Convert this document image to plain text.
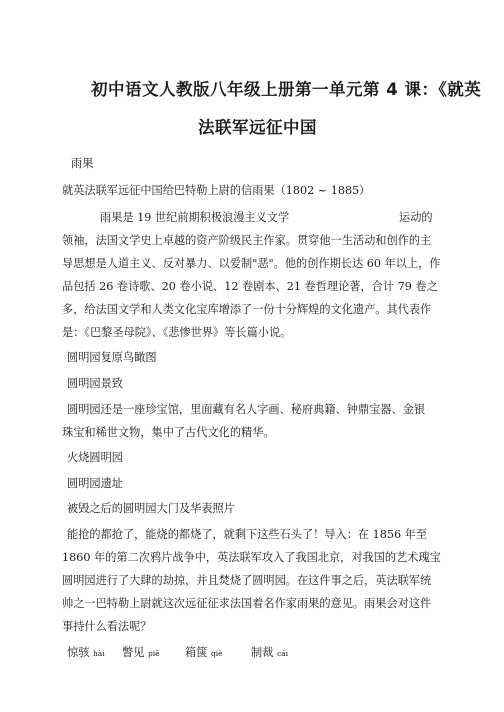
初中语文人教版八年级上册第一单元第 4 课：《就英
法联军远征中国
雨果
就英法联军远征中国给巴特勒上尉的信雨果（1802 ~ 1885）
雨果是 19 世纪前期积极浪漫主义文学	运动的
领袖，法国文学史上卓越的资产阶级民主作家。贯穿他一生活动和创作的主
导思想是人道主义、反对暴力、以爱制"恶"。他的创作期长达 60 年以上，作
品包括 26 卷诗歌、20 卷小说、12 卷剧本、21 卷哲理论著，合计 79 卷之
多，给法国文学和人类文化宝库增添了一份十分辉煌的文化遗产。其代表作
是：《巴黎圣母院》、《悲惨世界》等长篇小说。
圆明园复原鸟瞰图
圆明园景致
圆明园还是一座珍宝馆，里面藏有名人字画、秘府典籍、钟鼎宝器、金银
珠宝和稀世文物，集中了古代文化的精华。
火烧圆明园
圆明园遗址
被毁之后的圆明园大门及华表照片
能抢的都抢了，能烧的都烧了，就剩下这些石头了！导入：在 1856 年至
1860 年的第二次鸦片战争中，英法联军攻入了我国北京，对我国的艺术瑰宝
圆明园进行了大肆的劫掠，并且焚烧了圆明园。在这件事之后，英法联军统
帅之一巴特勒上尉就这次远征征求法国着名作家雨果的意见。雨果会对这件
事持什么看法呢？
惊骇 hài 瞥见 piē 箱箧 qiè	制裁 cái
